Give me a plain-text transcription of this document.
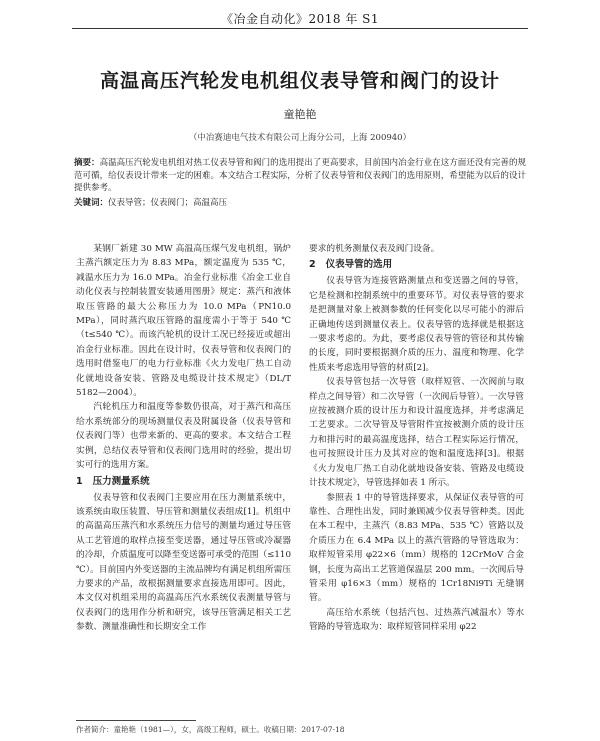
《冶金自动化》2018 年 S1
高温高压汽轮发电机组仪表导管和阀门的设计
童艳艳
（中冶赛迪电气技术有限公司上海分公司，上海 200940）
摘要：高温高压汽轮发电机组对热工仪表导管和阀门的选用提出了更高要求，目前国内冶金行业在这方面还没有完善的规范可循，给仪表设计带来一定的困难。本文结合工程实际，分析了仪表导管和仪表阀门的选用原则，希望能为以后的设计提供参考。
关键词：仪表导管；仪表阀门；高温高压

某钢厂新建 30 MW 高温高压煤气发电机组，锅炉主蒸汽额定压力为 8.83 MPa，额定温度为 535 ℃，减温水压力为 16.0 MPa。冶金行业标准《冶金工业自动化仪表与控制装置安装通用图册》规定：蒸汽和液体取压管路的最大公称压力为 10.0 MPa（PN10.0 MPa），同时蒸汽取压管路的温度需小于等于 540 ℃（t≤540 ℃）。而该汽轮机的设计工况已经接近或超出冶金行业标准。因此在设计时，仪表导管和仪表阀门的选用时借鉴电厂的电力行业标准《火力发电厂热工自动化就地设备安装、管路及电缆设计技术规定》（DL/T 5182—2004）。

汽轮机压力和温度等参数仍很高，对于蒸汽和高压给水系统部分的现场测量仪表及附属设备（仪表导管和仪表阀门等）也带来新的、更高的要求。本文结合工程实例，总结仪表导管和仪表阀门选用时的经验，提出切实可行的选用方案。

1 压力测量系统

仪表导管和仪表阀门主要应用在压力测量系统中，该系统由取压装置、导压管和测量仪表组成[1]。机组中的高温高压蒸汽和水系统压力信号的测量均通过导压管从工艺管道的取样点接至变送器，通过导压管或冷凝器的冷却，介质温度可以降至变送器可承受的范围（≤110 ℃）。目前国内外变送器的主流品牌均有满足机组所需压力要求的产品，故根据测量要求直接选用即可。因此，本文仅对机组采用的高温高压汽水系统仪表测量导管与仪表阀门的选用作分析和研究，该导压管满足相关工艺参数、测量准确性和长期安全工作

要求的机务测量仪表及阀门设备。

2 仪表导管的选用

仪表导管为连接管路测量点和变送器之间的导管，它是检测和控制系统中的重要环节。对仪表导管的要求是把测量对象上被测参数的任何变化以尽可能小的滞后正确地传送到测量仪表上。仪表导管的选择就是根据这一要求考虑的。为此，要考虑仪表导管的管径和其传输的长度，同时要根据测介质的压力、温度和物理、化学性质来考虑选用导管的材质[2]。

仪表导管包括一次导管（取样短管、一次阀前与取样点之间导管）和二次导管（一次阀后导管）。一次导管应按被测介质的设计压力和设计温度选择，并考虑满足工艺要求。二次导管及导管附件宜按被测介质的设计压力和排污时的最高温度选择，结合工程实际运行情况，也可按照设计压力及其对应的饱和温度选择[3]。根据《火力发电厂热工自动化就地设备安装、管路及电缆设计技术规定》，导管选择如表 1 所示。

参照表 1 中的导管选择要求，从保证仪表导管的可靠性、合理性出发，同时兼顾减少仪表导管种类。因此在本工程中，主蒸汽（8.83 MPa、535 ℃）管路以及介质压力在 6.4 MPa 以上的蒸汽管路的导管选取为：取样短管采用 φ22×6（mm）规格的 12CrMoV 合金钢，长度为高出工艺管道保温层 200 mm。一次阀后导管采用 φ16×3（mm）规格的 1Cr18Ni9Ti 无缝钢管。

高压给水系统（包括汽包、过热蒸汽减温水）等水管路的导管选取为：取样短管同样采用 φ22

作者简介：童艳艳（1981—），女，高级工程师，硕士。收稿日期：2017-07-18
